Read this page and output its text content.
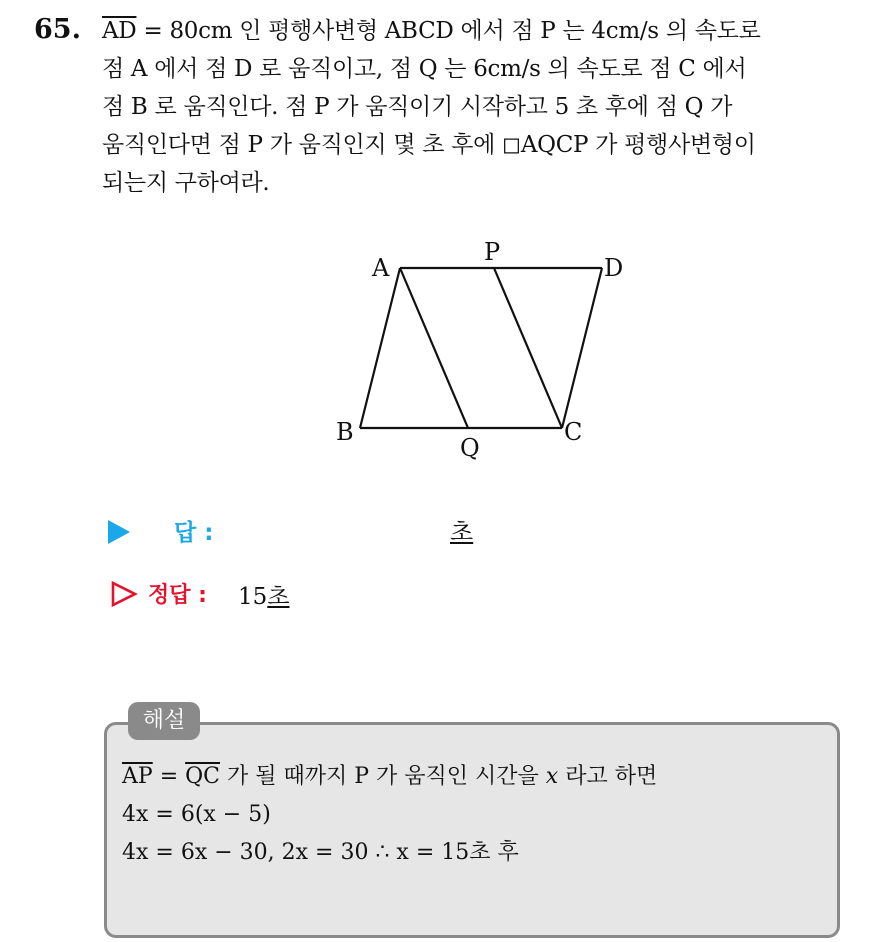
65. $\overline{AD} = 80cm$ 인 평행사변형 ABCD 에서 점 P 는 4cm/s 의 속도로
점 A 에서 점 D 로 움직이고, 점 Q 는 6cm/s 의 속도로 점 C 에서
점 B 로 움직인다. 점 P 가 움직이기 시작하고 5 초 후에 점 Q 가
움직인다면 점 P 가 움직인지 몇 초 후에 ◻AQCP 가 평행사변형이
되는지 구하여라.
A
P
D
B
Q
C
답 :	초
정답 : 15초
해설
$\overline{AP} = \overline{QC}$ 가 될 때까지 P 가 움직인 시간을 x 라고 하면
4x = 6(x − 5)
4x = 6x − 30, 2x = 30 ∴ x = 15초 후
